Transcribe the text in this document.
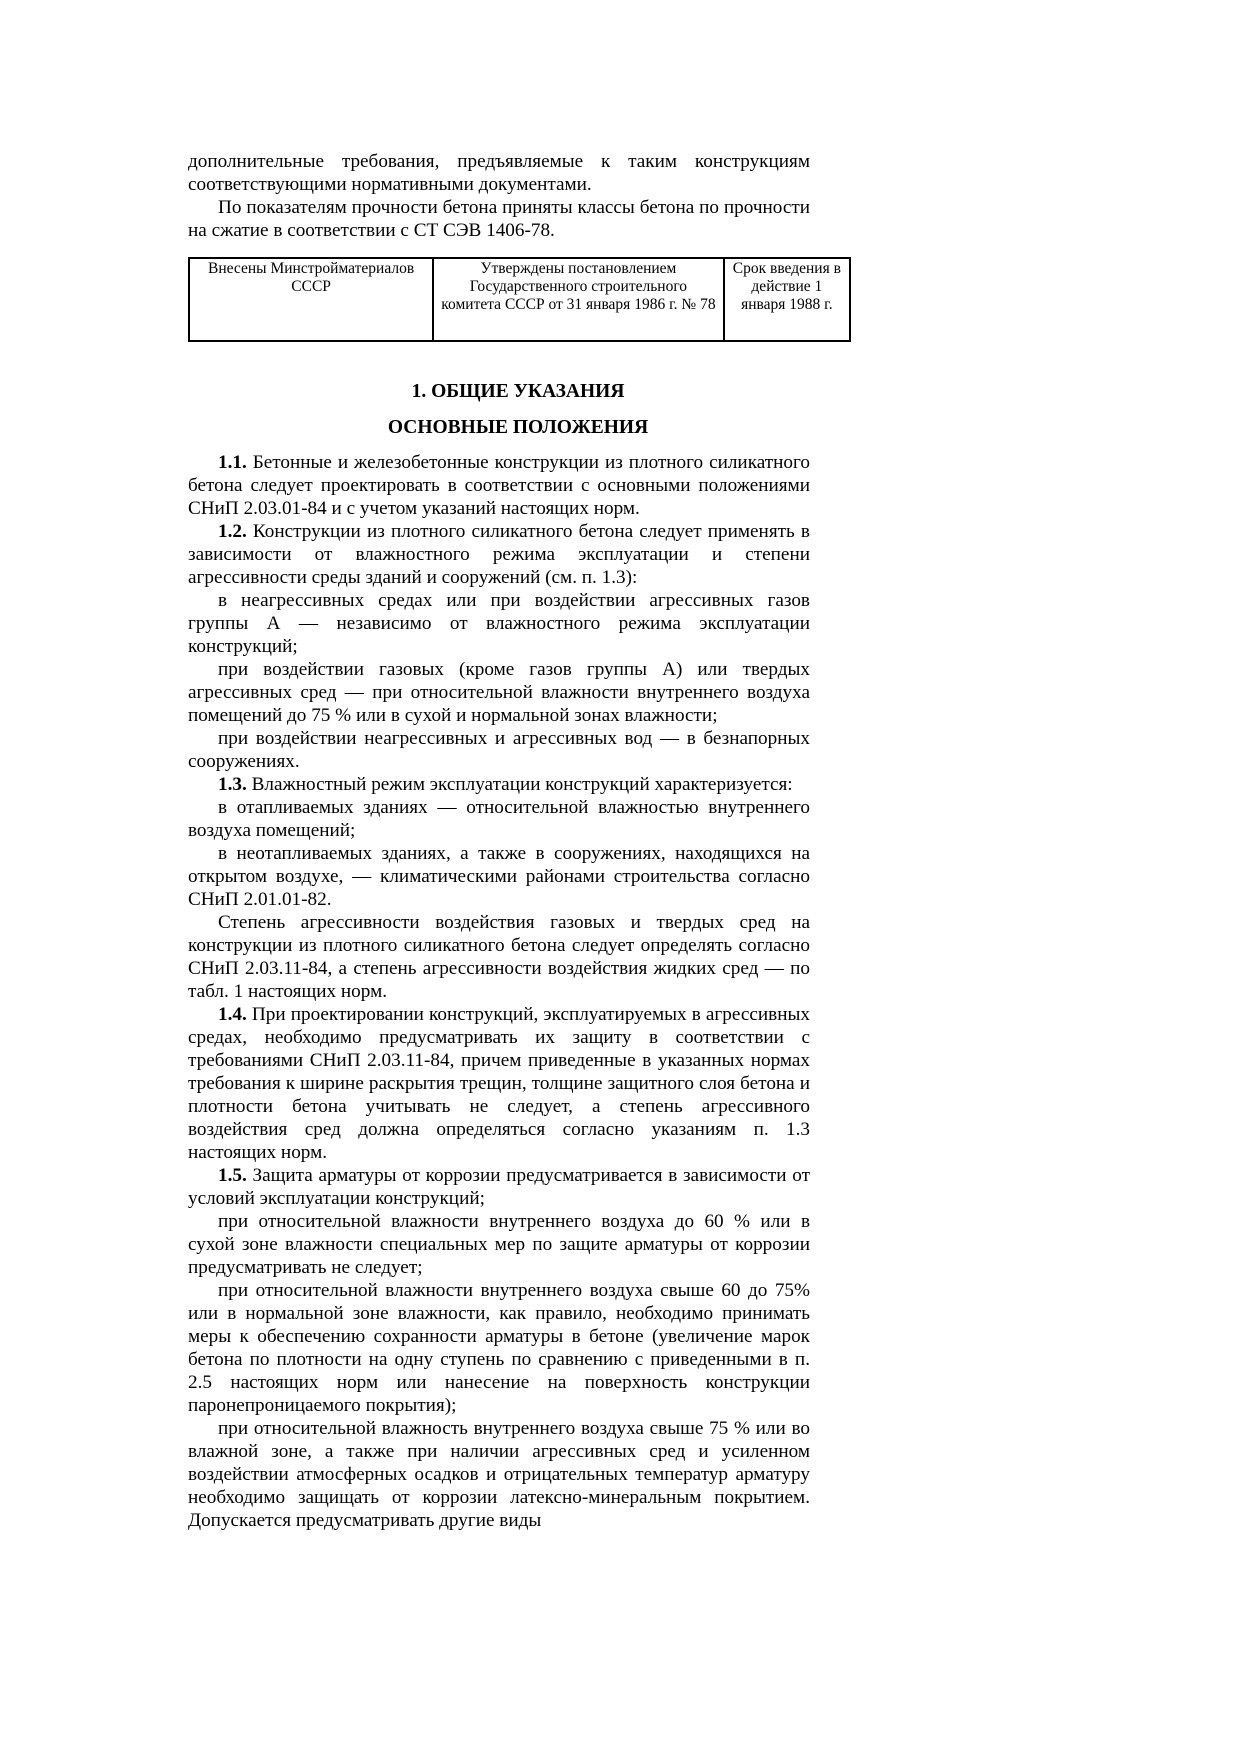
дополнительные требования, предъявляемые к таким конструкциям соответствующими нормативными документами.

По показателям прочности бетона приняты классы бетона по прочности на сжатие в соответствии с СТ СЭВ 1406-78.

Внесены Минстройматериалов СССР	Утверждены постановлением Государственного строительного комитета СССР от 31 января 1986 г. № 78	Срок введения в действие 1 января 1988 г.
1. ОБЩИЕ УКАЗАНИЯ
ОСНОВНЫЕ ПОЛОЖЕНИЯ

1.1. Бетонные и железобетонные конструкции из плотного силикатного бетона следует проектировать в соответствии с основными положениями СНиП 2.03.01-84 и с учетом указаний настоящих норм.

1.2. Конструкции из плотного силикатного бетона следует применять в зависимости от влажностного режима эксплуатации и степени агрессивности среды зданий и сооружений (см. п. 1.3):

в неагрессивных средах или при воздействии агрессивных газов группы А — независимо от влажностного режима эксплуатации конструкций;

при воздействии газовых (кроме газов группы А) или твердых агрессивных сред — при относительной влажности внутреннего воздуха помещений до 75 % или в сухой и нормальной зонах влажности;

при воздействии неагрессивных и агрессивных вод — в безнапорных сооружениях.

1.3. Влажностный режим эксплуатации конструкций характеризуется:

в отапливаемых зданиях — относительной влажностью внутреннего воздуха помещений;

в неотапливаемых зданиях, а также в сооружениях, находящихся на открытом воздухе, — климатическими районами строительства согласно СНиП 2.01.01-82.

Степень агрессивности воздействия газовых и твердых сред на конструкции из плотного силикатного бетона следует определять согласно СНиП 2.03.11-84, а степень агрессивности воздействия жидких сред — по табл. 1 настоящих норм.

1.4. При проектировании конструкций, эксплуатируемых в агрессивных средах, необходимо предусматривать их защиту в соответствии с требованиями СНиП 2.03.11-84, причем приведенные в указанных нормах требования к ширине раскрытия трещин, толщине защитного слоя бетона и плотности бетона учитывать не следует, а степень агрессивного воздействия сред должна определяться согласно указаниям п. 1.3 настоящих норм.

1.5. Защита арматуры от коррозии предусматривается в зависимости от условий эксплуатации конструкций;

при относительной влажности внутреннего воздуха до 60 % или в сухой зоне влажности специальных мер по защите арматуры от коррозии предусматривать не следует;

при относительной влажности внутреннего воздуха свыше 60 до 75% или в нормальной зоне влажности, как правило, необходимо принимать меры к обеспечению сохранности арматуры в бетоне (увеличение марок бетона по плотности на одну ступень по сравнению с приведенными в п. 2.5 настоящих норм или нанесение на поверхность конструкции паронепроницаемого покрытия);

при относительной влажность внутреннего воздуха свыше 75 % или во влажной зоне, а также при наличии агрессивных сред и усиленном воздействии атмосферных осадков и отрицательных температур арматуру необходимо защищать от коррозии латексно-минеральным покрытием. Допускается предусматривать другие виды
